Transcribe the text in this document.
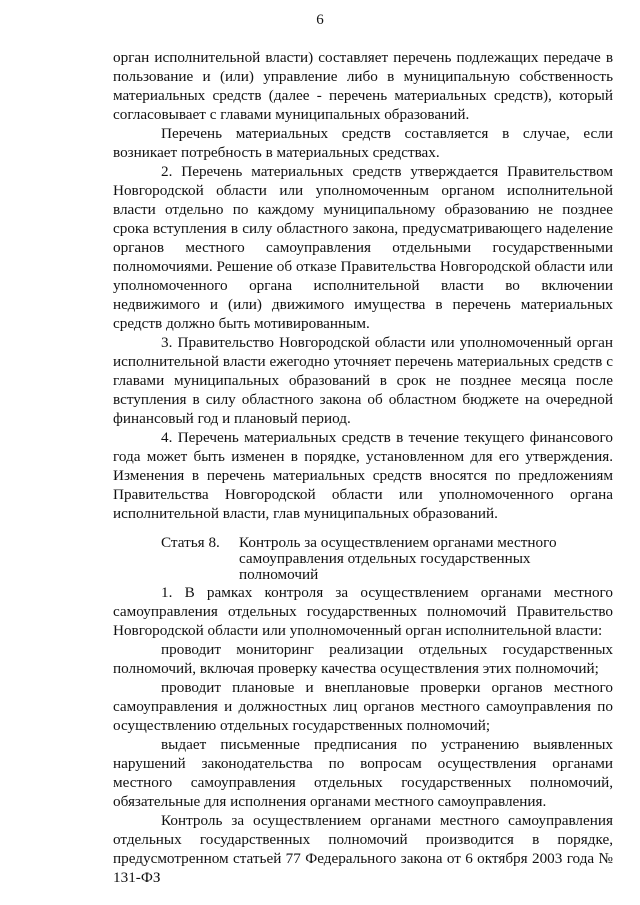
6

орган исполнительной власти) составляет перечень подлежащих передаче в пользование и (или) управление либо в муниципальную собственность материальных средств (далее - перечень материальных средств), который согласовывает с главами муниципальных образований.

Перечень материальных средств составляется в случае, если возникает потребность в материальных средствах.

2. Перечень материальных средств утверждается Правительством Новгородской области или уполномоченным органом исполнительной власти отдельно по каждому муниципальному образованию не позднее срока вступления в силу областного закона, предусматривающего наделение органов местного самоуправления отдельными государственными полномочиями. Решение об отказе Правительства Новгородской области или уполномоченного органа исполнительной власти во включении недвижимого и (или) движимого имущества в перечень материальных средств должно быть мотивированным.

3. Правительство Новгородской области или уполномоченный орган исполнительной власти ежегодно уточняет перечень материальных средств с главами муниципальных образований в срок не позднее месяца после вступления в силу областного закона об областном бюджете на очередной финансовый год и плановый период.

4. Перечень материальных средств в течение текущего финансового года может быть изменен в порядке, установленном для его утверждения. Изменения в перечень материальных средств вносятся по предложениям Правительства Новгородской области или уполномоченного органа исполнительной власти, глав муниципальных образований.

Статья 8.	Контроль за осуществлением органами местного самоуправления отдельных государственных полномочий

1. В рамках контроля за осуществлением органами местного самоуправления отдельных государственных полномочий Правительство Новгородской области или уполномоченный орган исполнительной власти:

проводит мониторинг реализации отдельных государственных полномочий, включая проверку качества осуществления этих полномочий;

проводит плановые и внеплановые проверки органов местного самоуправления и должностных лиц органов местного самоуправления по осуществлению отдельных государственных полномочий;

выдает письменные предписания по устранению выявленных нарушений законодательства по вопросам осуществления органами местного самоуправления отдельных государственных полномочий, обязательные для исполнения органами местного самоуправления.

Контроль за осуществлением органами местного самоуправления отдельных государственных полномочий производится в порядке, предусмотренном статьей 77 Федерального закона от 6 октября 2003 года № 131-ФЗ
